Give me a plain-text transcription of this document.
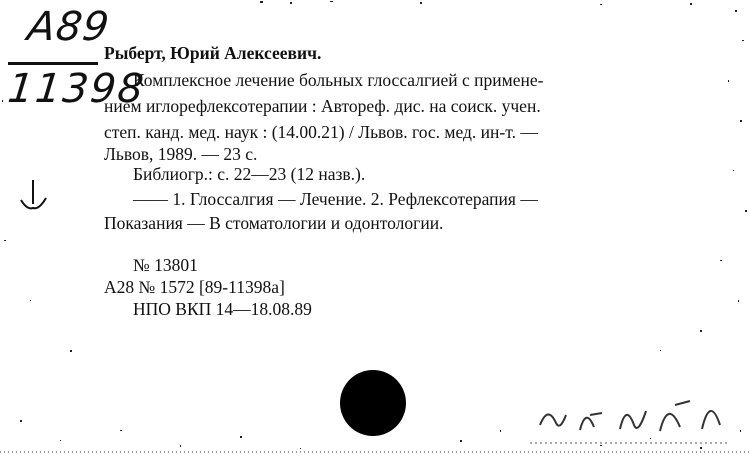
A89
11398
Рыберт, Юрий Алексеевич.
Комплексное лечение больных глоссалгией с примене-
нием иглорефлексотерапии : Автореф. дис. на соиск. учен.
степ. канд. мед. наук : (14.00.21) / Львов. гос. мед. ин-т. —
Львов, 1989. — 23 с.
Библиогр.: с. 22—23 (12 назв.).
—— 1. Глоссалгия — Лечение. 2. Рефлексотерапия —
Показания — В стоматологии и одонтологии.
№ 13801
А28 № 1572 [89-11398а]
НПО ВКП 14—18.08.89
